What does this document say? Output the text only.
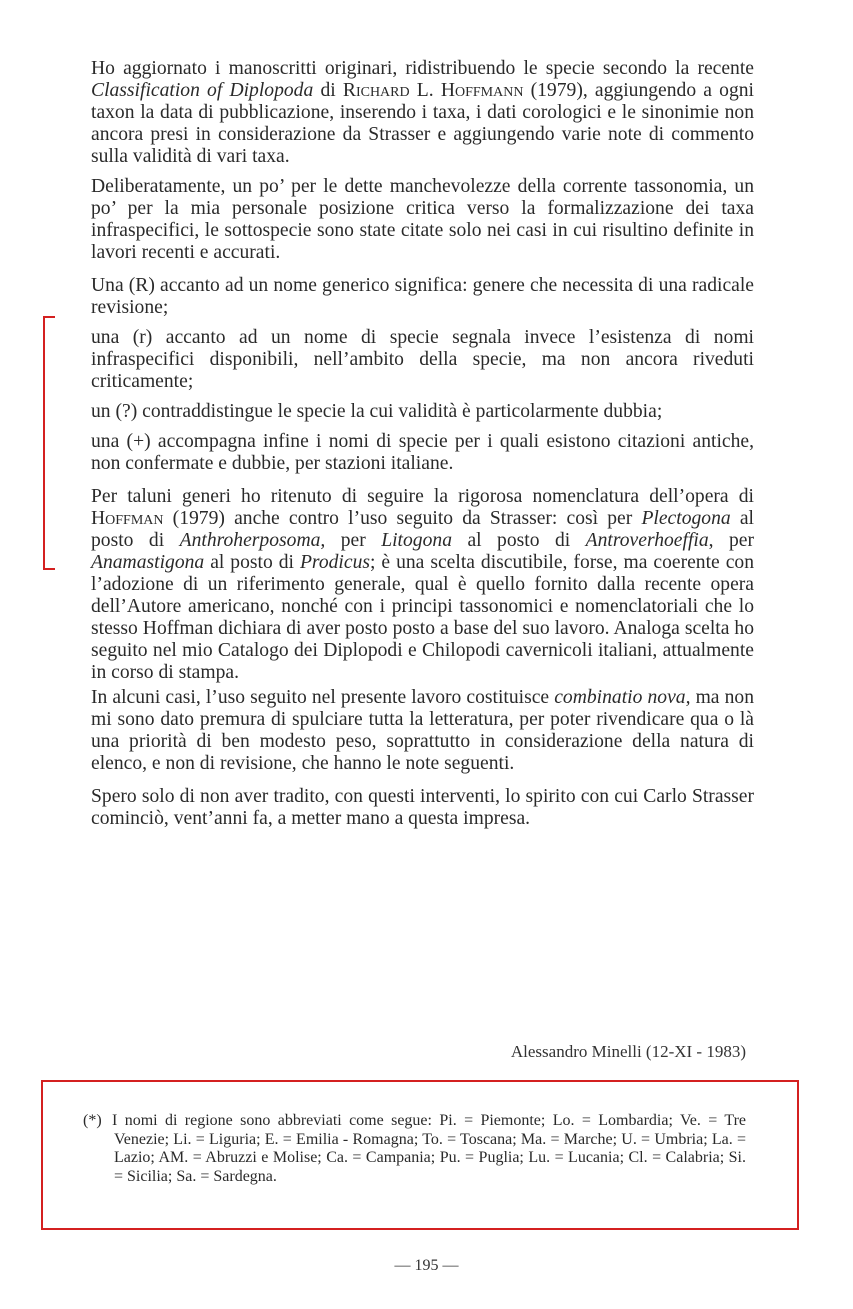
Ho aggiornato i manoscritti originari, ridistribuendo le specie secondo la recente Classification of Diplopoda di Richard L. Hoffmann (1979), aggiungendo a ogni taxon la data di pubblicazione, inserendo i taxa, i dati corologici e le sinonimie non ancora presi in considerazione da Strasser e aggiungendo varie note di commento sulla validità di vari taxa.

Deliberatamente, un po’ per le dette manchevolezze della corrente tassonomia, un po’ per la mia personale posizione critica verso la formalizzazione dei taxa infraspecifici, le sottospecie sono state citate solo nei casi in cui risultino definite in lavori recenti e accurati.

Una (R) accanto ad un nome generico significa: genere che necessita di una radicale revisione;

una (r) accanto ad un nome di specie segnala invece l’esistenza di nomi infraspecifici disponibili, nell’ambito della specie, ma non ancora riveduti criticamente;

un (?) contraddistingue le specie la cui validità è particolarmente dubbia;

una (+) accompagna infine i nomi di specie per i quali esistono citazioni antiche, non confermate e dubbie, per stazioni italiane.

Per taluni generi ho ritenuto di seguire la rigorosa nomenclatura dell’opera di Hoffman (1979) anche contro l’uso seguito da Strasser: così per Plectogona al posto di Anthroherposoma, per Litogona al posto di Antroverhoeffia, per Anamastigona al posto di Prodicus; è una scelta discutibile, forse, ma coerente con l’adozione di un riferimento generale, qual è quello fornito dalla recente opera dell’Autore americano, nonché con i principi tassonomici e nomenclatoriali che lo stesso Hoffman dichiara di aver posto posto a base del suo lavoro. Analoga scelta ho seguito nel mio Catalogo dei Diplopodi e Chilopodi cavernicoli italiani, attualmente in corso di stampa.

In alcuni casi, l’uso seguito nel presente lavoro costituisce combinatio nova, ma non mi sono dato premura di spulciare tutta la letteratura, per poter rivendicare qua o là una priorità di ben modesto peso, soprattutto in considerazione della natura di elenco, e non di revisione, che hanno le note seguenti.

Spero solo di non aver tradito, con questi interventi, lo spirito con cui Carlo Strasser cominciò, vent’anni fa, a metter mano a questa impresa.

Alessandro Minelli (12-XI - 1983)
(*) I nomi di regione sono abbreviati come segue: Pi. = Piemonte; Lo. = Lombardia; Ve. = Tre Venezie; Li. = Liguria; E. = Emilia - Romagna; To. = Toscana; Ma. = Marche; U. = Umbria; La. = Lazio; AM. = Abruzzi e Molise; Ca. = Campania; Pu. = Puglia; Lu. = Lucania; Cl. = Calabria; Si. = Sicilia; Sa. = Sardegna.
— 195 —
